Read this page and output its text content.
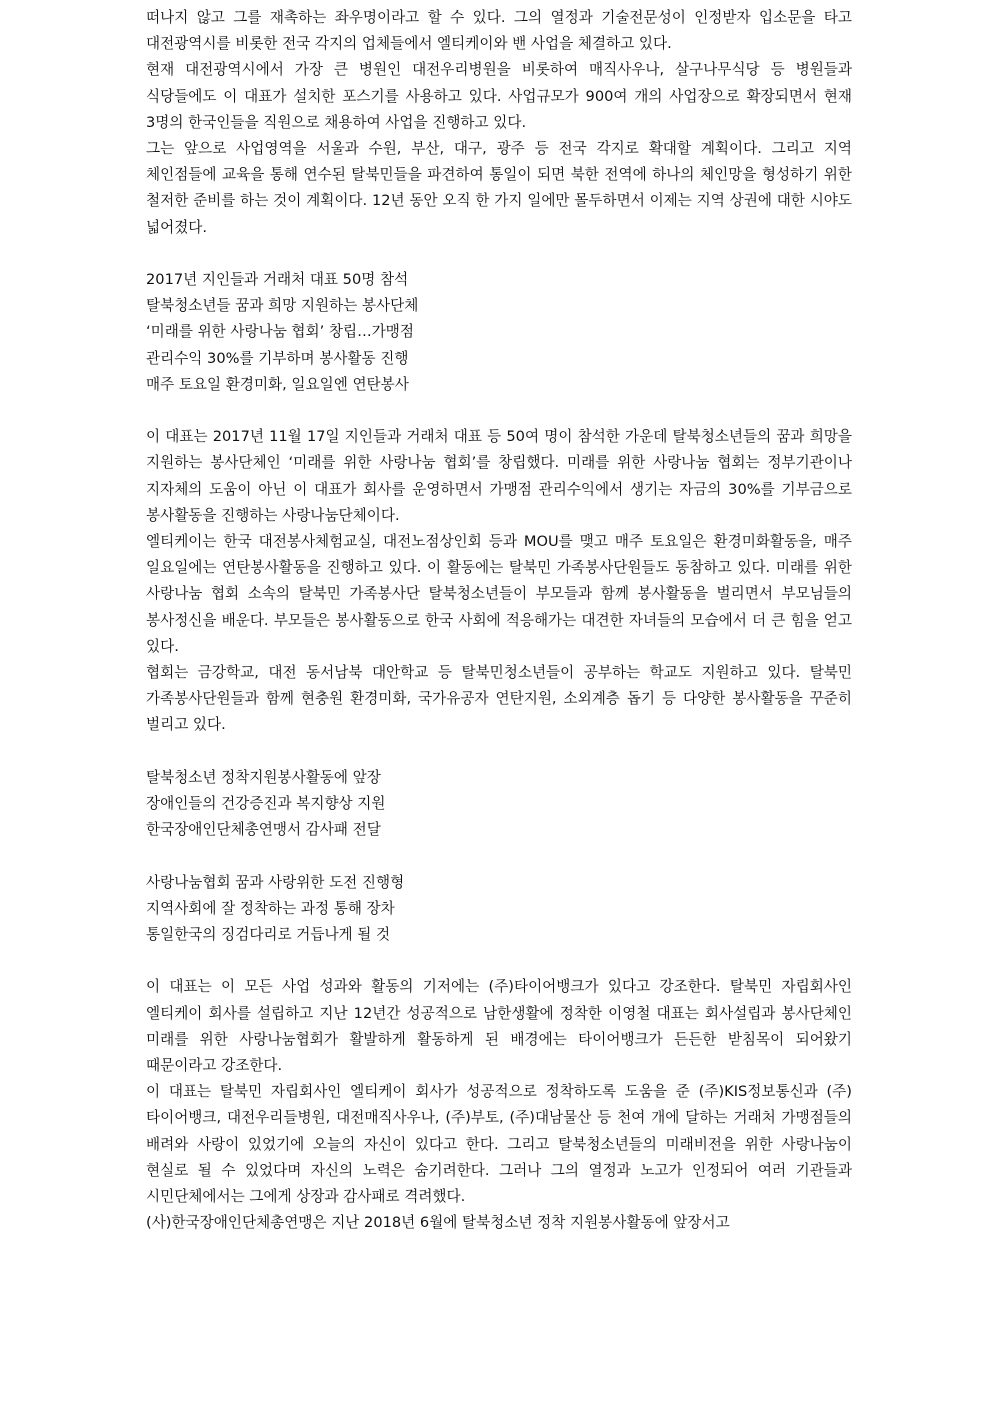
떠나지 않고 그를 재촉하는 좌우명이라고 할 수 있다. 그의 열정과 기술전문성이 인정받자 입소문을 타고 대전광역시를 비롯한 전국 각지의 업체들에서 엘티케이와 밴 사업을 체결하고 있다.

현재 대전광역시에서 가장 큰 병원인 대전우리병원을 비롯하여 매직사우나, 살구나무식당 등 병원들과 식당들에도 이 대표가 설치한 포스기를 사용하고 있다. 사업규모가 900여 개의 사업장으로 확장되면서 현재 3명의 한국인들을 직원으로 채용하여 사업을 진행하고 있다.

그는 앞으로 사업영역을 서울과 수원, 부산, 대구, 광주 등 전국 각지로 확대할 계획이다. 그리고 지역 체인점들에 교육을 통해 연수된 탈북민들을 파견하여 통일이 되면 북한 전역에 하나의 체인망을 형성하기 위한 철저한 준비를 하는 것이 계획이다. 12년 동안 오직 한 가지 일에만 몰두하면서 이제는 지역 상권에 대한 시야도 넓어졌다.

2017년 지인들과 거래처 대표 50명 참석

탈북청소년들 꿈과 희망 지원하는 봉사단체

‘미래를 위한 사랑나눔 협회’ 창립…가맹점

관리수익 30%를 기부하며 봉사활동 진행

매주 토요일 환경미화, 일요일엔 연탄봉사

이 대표는 2017년 11월 17일 지인들과 거래처 대표 등 50여 명이 참석한 가운데 탈북청소년들의 꿈과 희망을 지원하는 봉사단체인 ‘미래를 위한 사랑나눔 협회’를 창립했다. 미래를 위한 사랑나눔 협회는 정부기관이나 지자체의 도움이 아닌 이 대표가 회사를 운영하면서 가맹점 관리수익에서 생기는 자금의 30%를 기부금으로 봉사활동을 진행하는 사랑나눔단체이다.

엘티케이는 한국 대전봉사체험교실, 대전노점상인회 등과 MOU를 맺고 매주 토요일은 환경미화활동을, 매주 일요일에는 연탄봉사활동을 진행하고 있다. 이 활동에는 탈북민 가족봉사단원들도 동참하고 있다. 미래를 위한 사랑나눔 협회 소속의 탈북민 가족봉사단 탈북청소년들이 부모들과 함께 봉사활동을 벌리면서 부모님들의 봉사정신을 배운다. 부모들은 봉사활동으로 한국 사회에 적응해가는 대견한 자녀들의 모습에서 더 큰 힘을 얻고 있다.

협회는 금강학교, 대전 동서남북 대안학교 등 탈북민청소년들이 공부하는 학교도 지원하고 있다. 탈북민 가족봉사단원들과 함께 현충원 환경미화, 국가유공자 연탄지원, 소외계층 돕기 등 다양한 봉사활동을 꾸준히 벌리고 있다.

탈북청소년 정착지원봉사활동에 앞장

장애인들의 건강증진과 복지향상 지원

한국장애인단체총연맹서 감사패 전달

사랑나눔협회 꿈과 사랑위한 도전 진행형

지역사회에 잘 정착하는 과정 통해 장차

통일한국의 징검다리로 거듭나게 될 것

이 대표는 이 모든 사업 성과와 활동의 기저에는 (주)타이어뱅크가 있다고 강조한다. 탈북민 자립회사인 엘티케이 회사를 설립하고 지난 12년간 성공적으로 남한생활에 정착한 이영철 대표는 회사설립과 봉사단체인 미래를 위한 사랑나눔협회가 활발하게 활동하게 된 배경에는 타이어뱅크가 든든한 받침목이 되어왔기 때문이라고 강조한다.

이 대표는 탈북민 자립회사인 엘티케이 회사가 성공적으로 정착하도록 도움을 준 (주)KIS정보통신과 (주)타이어뱅크, 대전우리들병원, 대전매직사우나, (주)부토, (주)대남물산 등 천여 개에 달하는 거래처 가맹점들의 배려와 사랑이 있었기에 오늘의 자신이 있다고 한다. 그리고 탈북청소년들의 미래비전을 위한 사랑나눔이 현실로 될 수 있었다며 자신의 노력은 숨기려한다. 그러나 그의 열정과 노고가 인정되어 여러 기관들과 시민단체에서는 그에게 상장과 감사패로 격려했다.

(사)한국장애인단체총연맹은 지난 2018년 6월에 탈북청소년 정착 지원봉사활동에 앞장서고
